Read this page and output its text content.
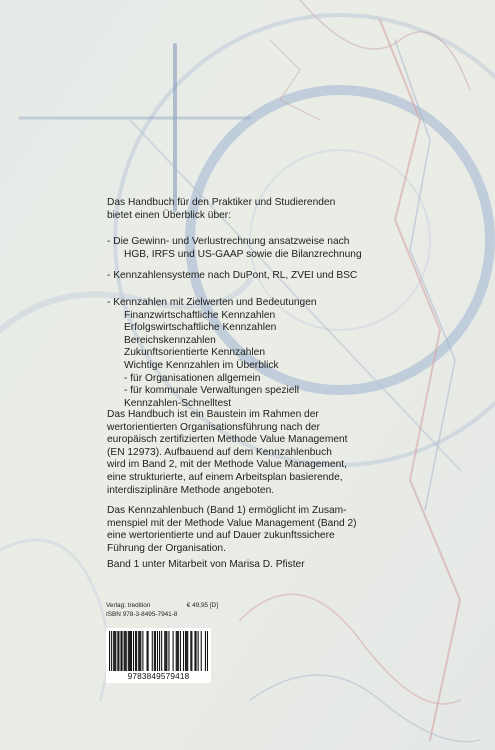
Das Handbuch für den Praktiker und Studierenden

bietet einen Überblick über:

- Die Gewinn- und Verlustrechnung ansatzweise nach

HGB, IRFS und US-GAAP sowie die Bilanzrechnung

- Kennzahlensysteme nach DuPont, RL, ZVEI und BSC

- Kennzahlen mit Zielwerten und Bedeutungen

Finanzwirtschaftliche Kennzahlen

Erfolgswirtschaftliche Kennzahlen

Bereichskennzahlen

Zukunftsorientierte Kennzahlen

Wichtige Kennzahlen im Überblick

- für Organisationen allgemein

- für kommunale Verwaltungen speziell

Kennzahlen-Schnelltest

Das Handbuch ist ein Baustein im Rahmen der

wertorientierten Organisationsführung nach der

europäisch zertifizierten Methode Value Management

(EN 12973). Aufbauend auf dem Kennzahlenbuch

wird im Band 2, mit der Methode Value Management,

eine strukturierte, auf einem Arbeitsplan basierende,

interdisziplinäre Methode angeboten.

Das Kennzahlenbuch (Band 1) ermöglicht im Zusam-

menspiel mit der Methode Value Management (Band 2)

eine wertorientierte und auf Dauer zukunftssichere

Führung der Organisation.

Band 1 unter Mitarbeit von Marisa D. Pfister

Verlag: tredition	€ 49,95 [D]
ISBN 978-3-8495-7941-8
9783849579418
